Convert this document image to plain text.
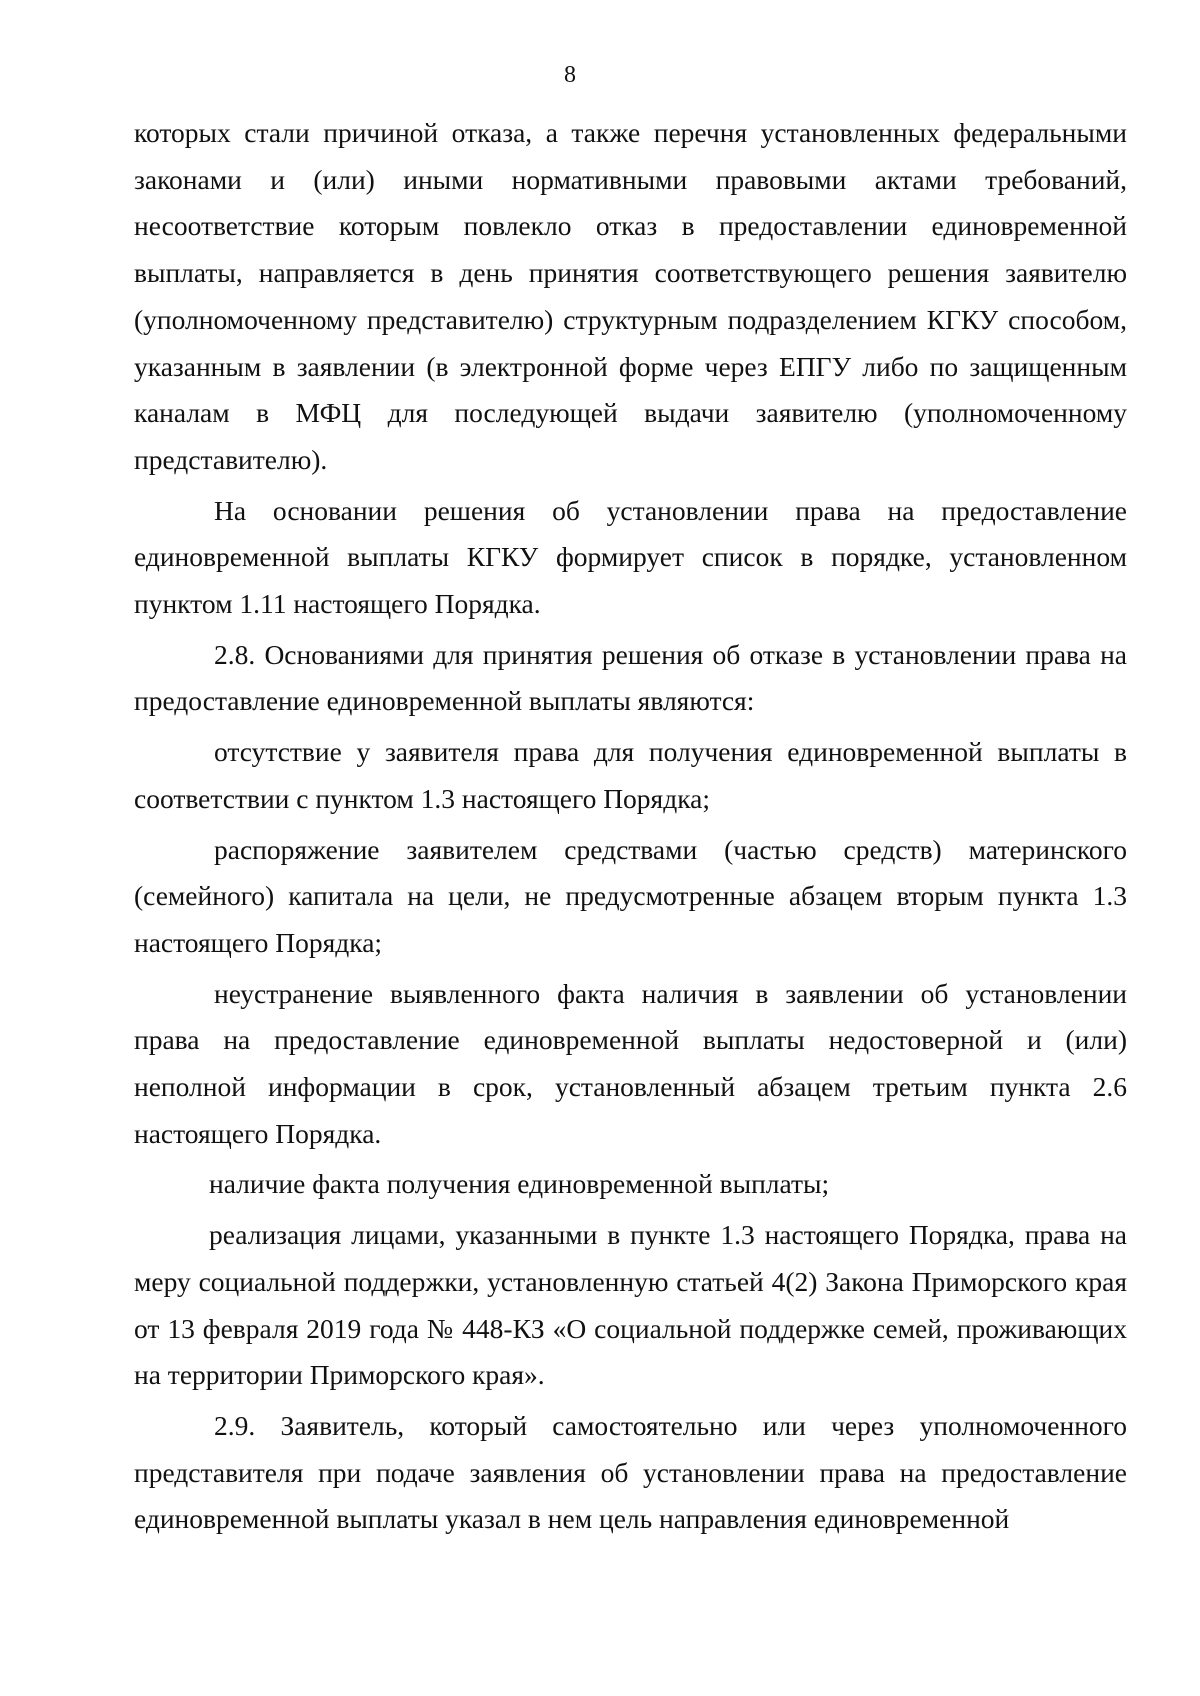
8

которых стали причиной отказа, а также перечня установленных федеральными законами и (или) иными нормативными правовыми актами требований, несоответствие которым повлекло отказ в предоставлении единовременной выплаты, направляется в день принятия соответствующего решения заявителю (уполномоченному представителю) структурным подразделением КГКУ способом, указанным в заявлении (в электронной форме через ЕПГУ либо по защищенным каналам в МФЦ для последующей выдачи заявителю (уполномоченному представителю).

На основании решения об установлении права на предоставление единовременной выплаты КГКУ формирует список в порядке, установленном пунктом 1.11 настоящего Порядка.

2.8. Основаниями для принятия решения об отказе в установлении права на предоставление единовременной выплаты являются:

отсутствие у заявителя права для получения единовременной выплаты в соответствии с пунктом 1.3 настоящего Порядка;

распоряжение заявителем средствами (частью средств) материнского (семейного) капитала на цели, не предусмотренные абзацем вторым пункта 1.3 настоящего Порядка;

неустранение выявленного факта наличия в заявлении об установлении права на предоставление единовременной выплаты недостоверной и (или) неполной информации в срок, установленный абзацем третьим пункта 2.6 настоящего Порядка.

наличие факта получения единовременной выплаты;

реализация лицами, указанными в пункте 1.3 настоящего Порядка, права на меру социальной поддержки, установленную статьей 4(2) Закона Приморского края от 13 февраля 2019 года № 448-КЗ «О социальной поддержке семей, проживающих на территории Приморского края».

2.9. Заявитель, который самостоятельно или через уполномоченного представителя при подаче заявления об установлении права на предоставление единовременной выплаты указал в нем цель направления единовременной
